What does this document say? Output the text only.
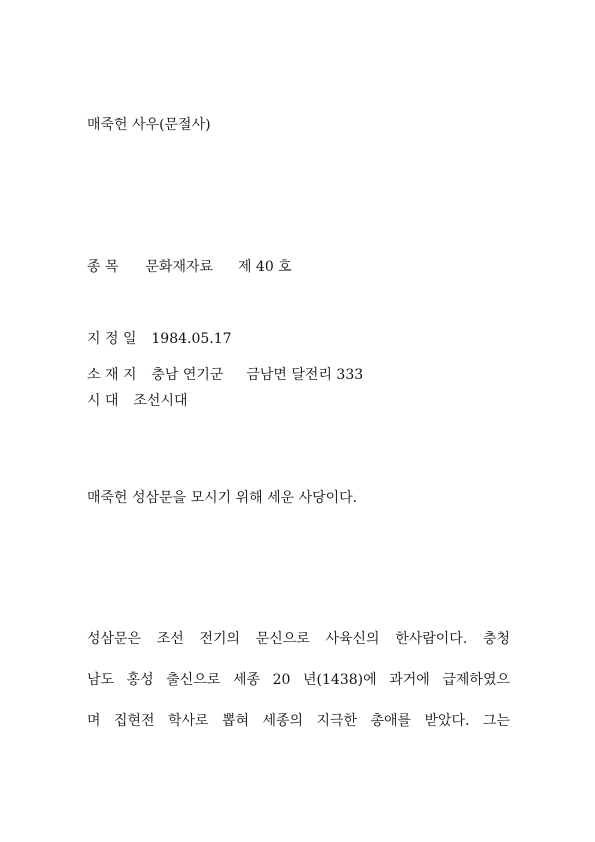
매죽헌 사우(문절사)
종 목 문화재자료 제 40 호
지 정 일 1984.05.17
소 재 지 충남 연기군 금남면 달전리 333
시 대 조선시대
매죽헌 성삼문을 모시기 위해 세운 사당이다.
성삼문은 조선 전기의 문신으로 사육신의 한사람이다. 충청
남도 홍성 출신으로 세종 20 년(1438)에 과거에 급제하였으
며 집현전 학사로 뽑혀 세종의 지극한 총애를 받았다. 그는
